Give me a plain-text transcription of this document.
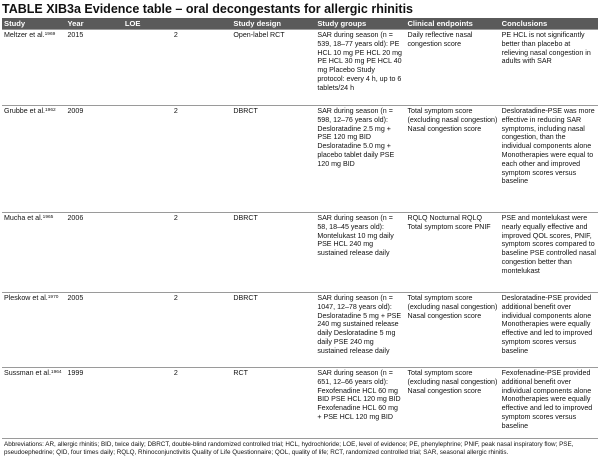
TABLE XIB3a Evidence table – oral decongestants for allergic rhinitis
Study	Year	LOE	Study design	Study groups	Clinical endpoints	Conclusions
Meltzer et al.$^{1969}$	2015	2	Open-label RCT	SAR during season (n = 539, 18–77 years old): PE HCL 10 mg PE HCL 20 mg PE HCL 30 mg PE HCL 40 mg Placebo Study protocol: every 4 h, up to 6 tablets/24 h	Daily reflective nasal congestion score	PE HCL is not significantly better than placebo at relieving nasal congestion in adults with SAR
Grubbe et al.$^{1962}$	2009	2	DBRCT	SAR during season (n = 598, 12–76 years old): Desloratadine 2.5 mg + PSE 120 mg BID Desloratadine 5.0 mg + placebo tablet daily PSE 120 mg BID	Total symptom score (excluding nasal congestion) Nasal congestion score	Desloratadine-PSE was more effective in reducing SAR symptoms, including nasal congestion, than the individual components alone Monotherapies were equal to each other and improved symptom scores versus baseline
Mucha et al.$^{1965}$	2006	2	DBRCT	SAR during season (n = 58, 18–45 years old): Montelukast 10 mg daily PSE HCL 240 mg sustained release daily	RQLQ Nocturnal RQLQ Total symptom score PNIF	PSE and montelukast were nearly equally effective and improved QOL scores, PNIF, symptom scores compared to baseline PSE controlled nasal congestion better than montelukast
Pleskow et al.$^{1970}$	2005	2	DBRCT	SAR during season (n = 1047, 12–78 years old): Desloratadine 5 mg + PSE 240 mg sustained release daily Desloratadine 5 mg daily PSE 240 mg sustained release daily	Total symptom score (excluding nasal congestion) Nasal congestion score	Desloratadine-PSE provided additional benefit over individual components alone Monotherapies were equally effective and led to improved symptom scores versus baseline
Sussman et al.$^{1964}$	1999	2	RCT	SAR during season (n = 651, 12–66 years old): Fexofenadine HCL 60 mg BID PSE HCL 120 mg BID Fexofenadine HCL 60 mg + PSE HCL 120 mg BID	Total symptom score (excluding nasal congestion) Nasal congestion score	Fexofenadine-PSE provided additional benefit over individual components alone Monotherapies were equally effective and led to improved symptom scores versus baseline
Abbreviations: AR, allergic rhinitis; BID, twice daily; DBRCT, double-blind randomized controlled trial; HCL, hydrochloride; LOE, level of evidence; PE, phenylephrine; PNIF, peak nasal inspiratory flow; PSE, pseudoephedrine; QID, four times daily; RQLQ, Rhinoconjunctivitis Quality of Life Questionnaire; QOL, quality of life; RCT, randomized controlled trial; SAR, seasonal allergic rhinitis.
